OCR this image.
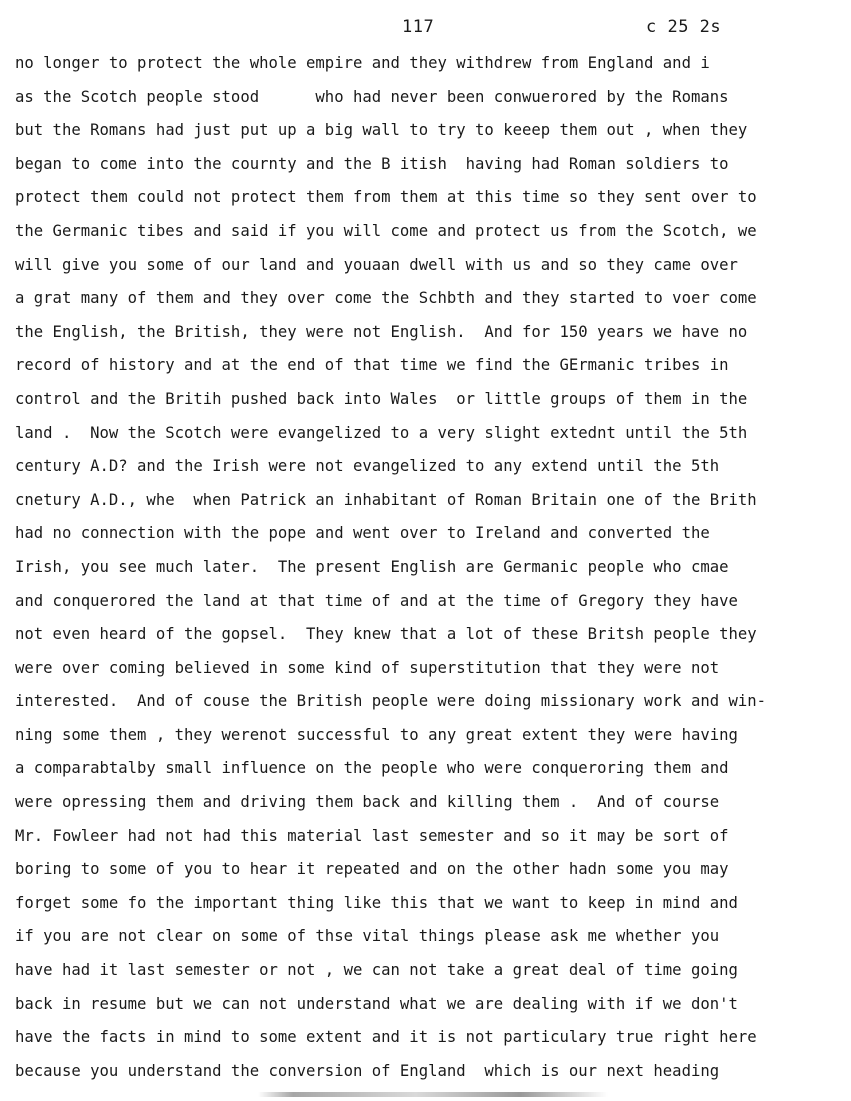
117	c 25 2s
no longer to protect the whole empire and they withdrew from England and i
as the Scotch people stood      who had never been conwuerored by the Romans
but the Romans had just put up a big wall to try to keeep them out , when they
began to come into the cournty and the B itish  having had Roman soldiers to
protect them could not protect them from them at this time so they sent over to
the Germanic tibes and said if you will come and protect us from the Scotch, we
will give you some of our land and youaan dwell with us and so they came over
a grat many of them and they over come the Schbth and they started to voer come
the English, the British, they were not English.  And for 150 years we have no
record of history and at the end of that time we find the GErmanic tribes in
control and the Britih pushed back into Wales  or little groups of them in the
land .  Now the Scotch were evangelized to a very slight extednt until the 5th
century A.D? and the Irish were not evangelized to any extend until the 5th
cnetury A.D., whe  when Patrick an inhabitant of Roman Britain one of the Brith
had no connection with the pope and went over to Ireland and converted the
Irish, you see much later.  The present English are Germanic people who cmae
and conquerored the land at that time of and at the time of Gregory they have
not even heard of the gopsel.  They knew that a lot of these Britsh people they
were over coming believed in some kind of superstitution that they were not
interested.  And of couse the British people were doing missionary work and win-
ning some them , they werenot successful to any great extent they were having
a comparabtalby small influence on the people who were conqueroring them and
were opressing them and driving them back and killing them .  And of course
Mr. Fowleer had not had this material last semester and so it may be sort of
boring to some of you to hear it repeated and on the other hadn some you may
forget some fo the important thing like this that we want to keep in mind and
if you are not clear on some of thse vital things please ask me whether you
have had it last semester or not , we can not take a great deal of time going
back in resume but we can not understand what we are dealing with if we don't
have the facts in mind to some extent and it is not particulary true right here
because you understand the conversion of England  which is our next heading
